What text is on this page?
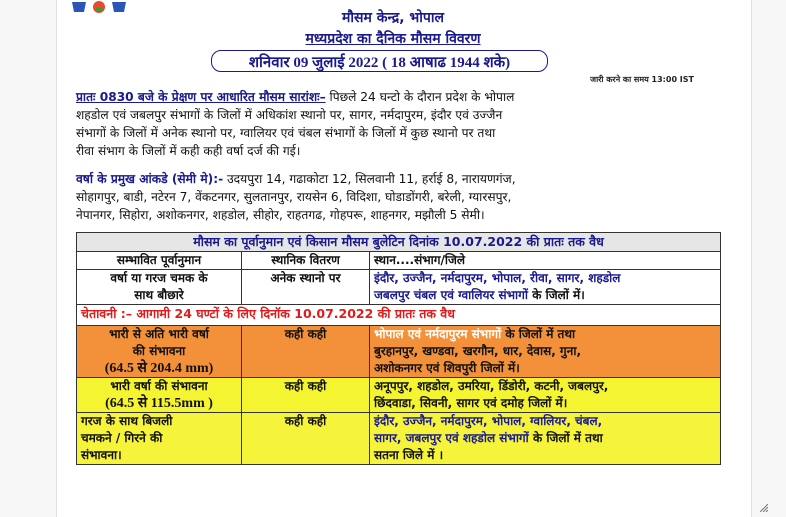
मौसम केन्द्र, भोपाल
मध्यप्रदेश का दैनिक मौसम विवरण
शनिवार 09 जुलाई 2022 ( 18 आषाढ 1944 शके)
जारी करने का समय 13:00 IST
प्रातः 0830 बजे के प्रेक्षण पर आधारित मौसम सारांशः– पिछले 24 घन्टो के दौरान प्रदेश के भोपाल
शहडोल एवं जबलपुर संभागों के जिलों में अधिकांश स्थानो पर, सागर, नर्मदापुरम, इंदौर एवं उज्जैन
संभागों के जिलों में अनेक स्थानो पर, ग्वालियर एवं चंबल संभागों के जिलों में कुछ स्थानो पर तथा
रीवा संभाग के जिलों में कही कही वर्षा दर्ज की गई।
वर्षा के प्रमुख आंकडे (सेमी मे):- उदयपुरा 14, गढाकोटा 12, सिलवानी 11, हर्राई 8, नारायणगंज,
सोहागपुर, बाडी, नटेरन 7, वेंकटनगर, सुलतानपुर, रायसेन 6, विदिशा, घोडाडोंगरी, बरेली, ग्यारसपुर,
नेपानगर, सिहोरा, अशोकनगर, शहडोल, सीहोर, राहतगढ, गोहपरू, शाहनगर, मझौली 5 सेमी।
मौसम का पूर्वानुमान एवं किसान मौसम बुलेटिन दिनांक 10.07.2022 की प्रातः तक वैध		
सम्भावित पूर्वानुमान	स्थानिक वितरण	स्थान....संभाग/जिले

वर्षा या गरज चमक के
साथ बौछारे	अनेक स्थानो पर	इंदौर, उज्जैन, नर्मदापुरम, भोपाल, रीवा, सागर, शहडोल
जबलपुर चंबल एवं ग्वालियर संभागों के जिलों में।

चेतावनी :– आगामी 24 घण्टों के लिए दिनॉक 10.07.2022 की प्रातः तक वैध		

भारी से अति भारी वर्षा
की संभावना
(64.5 से 204.4 mm)	कही कही	भोपाल एवं नर्मदापुरम संभागों के जिलों में तथा
बुरहानपुर, खण्डवा, खरगौन, धार, देवास, गुना,
अशोकनगर एवं शिवपुरी जिलों में।

भारी वर्षा की संभावना
(64.5 से 115.5mm )	कही कही	अनूपपुर, शहडोल, उमरिया, डिंडोरी, कटनी, जबलपुर,
छिंदवाडा, सिवनी, सागर एवं दमोह जिलों में।

गरज के साथ बिजली
चमकने / गिरने की
संभावना।	कही कही	इंदौर, उज्जैन, नर्मदापुरम, भोपाल, ग्वालियर, चंबल,
सागर, जबलपुर एवं शहडोल संभागों के जिलों में तथा
सतना जिले में ।
